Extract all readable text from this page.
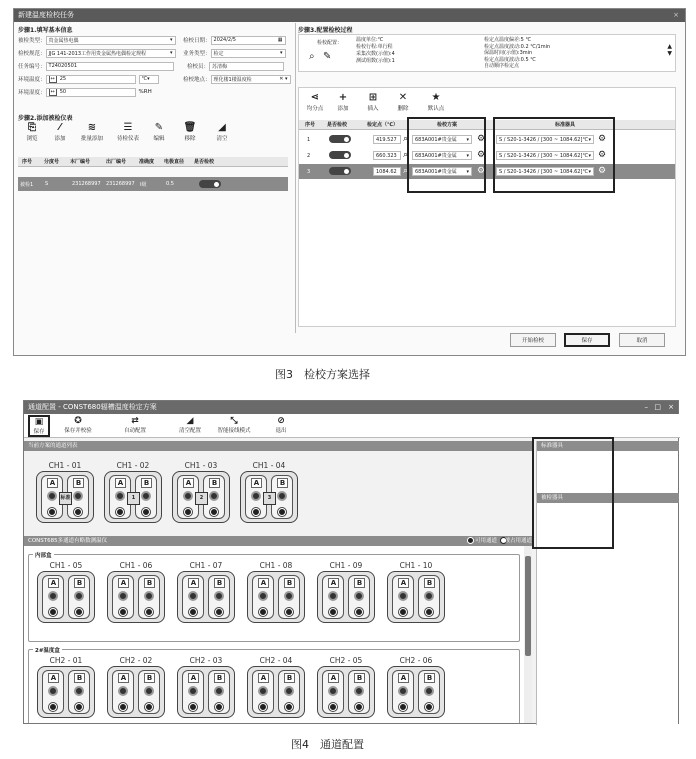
新建温度检校任务	×
步骤1.填写基本信息
被检类型： 贵金属热电偶	▾ 检校日期： 2024/2/5	▦
检校规范： JJG 141-2013工作用贵金属热电偶检定规程	▾ 业务类型： 检定	▾
任务编号： T24020501	检校员： 苏清梅
环境温度：	↔	25	℃ ▾	检校地点： 理化楼1楼温度检	✕ ▾
环境湿度：	↔	50	%RH
步骤2.添加被检仪表
⎘
浏览
⁄
添加
≋
批量添加
☰
待检仪表
✎
编辑
🗑
移除
◢
清空
序号 分度号 本厂编号	出厂编号	准确度 电极直径 是否检校
被检1 S	231268997 231268997 I级	0.5
步骤3.配置检校过程
检校配置：
⌕ ✎
温度单位:℃
检校行程:单行程
采集次数(示值):4
测试组数(示值):1
检定点温度偏差:5 ℃
检定点温度波动:0.2 ℃/1min
保温时间(示值):3min
检定点温度波动:0.5 ℃
自动顺序检定点
▲
▼
⋖
均分点
+
添加
⊞
插入
✕
删除
★
默认点
序号 是否检校	检定点（℃）	检校方案	标准器具
1	419.527 ⌕ 683A001#贵金属 ▾ ⚙	S / S20-1-3426 / [300 ~ 1084.62]℃ ▾ ⚙
2	660.323 ⌕ 683A001#贵金属 ▾ ⚙	S / S20-1-3426 / [300 ~ 1084.62]℃ ▾ ⚙
3	1084.62 ⌕ 683A001#贵金属 ▾ ⚙	S / S20-1-3426 / [300 ~ 1084.62]℃ ▾ ⚙
开始检校	保存	取消
图3　检校方案选择
通道配置 - CONST680辐槽温度检定方案	– □ ×
▣
保存
✪
保存并校验
⇄
自动配置
◢
清空配置
⤡
智能接线模式
⊘
退出
当前方案的通道列表
CH1 - 01
A	B
标准
CH1 - 02
A	B
1
CH1 - 03
A	B
2
CH1 - 04
A	B
3
CONST685多通道有略数测温仪	可用通道 被占用通道
内部盒
CH1 - 05
A	B
CH1 - 06
A	B
CH1 - 07
A	B
CH1 - 08
A	B
CH1 - 09
A	B
CH1 - 10
A	B
2#温度盒
CH2 - 01
A	B
CH2 - 02
A	B
CH2 - 03
A	B
CH2 - 04
A	B
CH2 - 05
A	B
CH2 - 06
A	B
标准器具
被检器具
图4　通道配置
